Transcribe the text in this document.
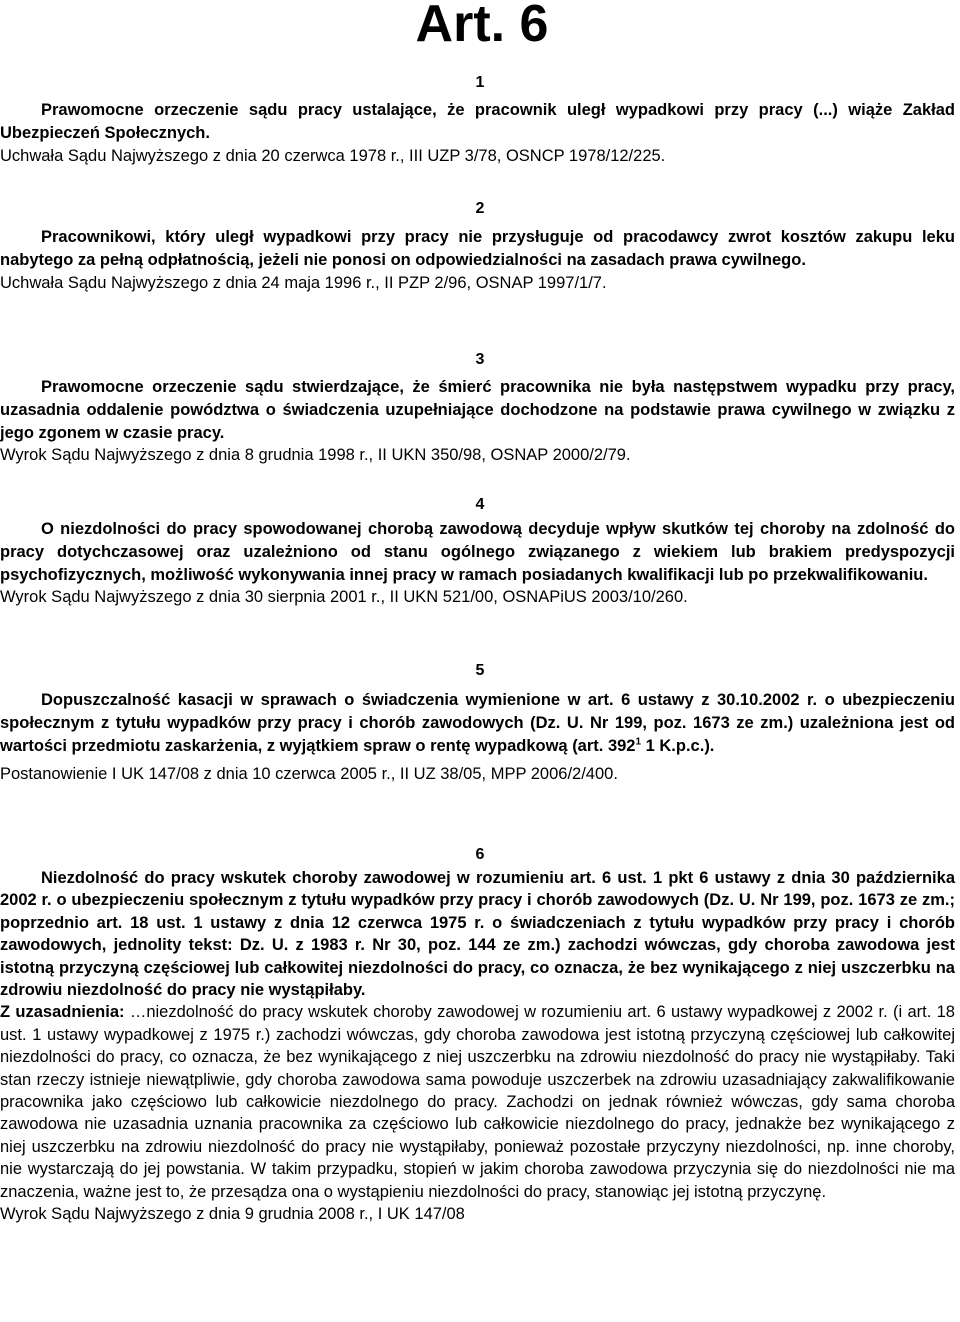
Art. 6
1

Prawomocne orzeczenie sądu pracy ustalające, że pracownik uległ wypadkowi przy pracy (...) wiąże Zakład Ubezpieczeń Społecznych.

Uchwała Sądu Najwyższego z dnia 20 czerwca 1978 r., III UZP 3/78, OSNCP 1978/12/225.

2

Pracownikowi, który uległ wypadkowi przy pracy nie przysługuje od pracodawcy zwrot kosztów zakupu leku nabytego za pełną odpłatnością, jeżeli nie ponosi on odpowiedzialności na zasadach prawa cywilnego.

Uchwała Sądu Najwyższego z dnia 24 maja 1996 r., II PZP 2/96, OSNAP 1997/1/7.

3

Prawomocne orzeczenie sądu stwierdzające, że śmierć pracownika nie była następstwem wypadku przy pracy, uzasadnia oddalenie powództwa o świadczenia uzupełniające dochodzone na podstawie prawa cywilnego w związku z jego zgonem w czasie pracy.

Wyrok Sądu Najwyższego z dnia 8 grudnia 1998 r., II UKN 350/98, OSNAP 2000/2/79.

4

O niezdolności do pracy spowodowanej chorobą zawodową decyduje wpływ skutków tej choroby na zdolność do pracy dotychczasowej oraz uzależniono od stanu ogólnego związanego z wiekiem lub brakiem predyspozycji psychofizycznych, możliwość wykonywania innej pracy w ramach posiadanych kwalifikacji lub po przekwalifikowaniu.

Wyrok Sądu Najwyższego z dnia 30 sierpnia 2001 r., II UKN 521/00, OSNAPiUS 2003/10/260.

5

Dopuszczalność kasacji w sprawach o świadczenia wymienione w art. 6 ustawy z 30.10.2002 r. o ubezpieczeniu społecznym z tytułu wypadków przy pracy i chorób zawodowych (Dz. U. Nr 199, poz. 1673 ze zm.) uzależniona jest od wartości przedmiotu zaskarżenia, z wyjątkiem spraw o rentę wypadkową (art. $392^1$ 1 K.p.c.).

Postanowienie I UK 147/08 z dnia 10 czerwca 2005 r., II UZ 38/05, MPP 2006/2/400.

6

Niezdolność do pracy wskutek choroby zawodowej w rozumieniu art. 6 ust. 1 pkt 6 ustawy z dnia 30 października 2002 r. o ubezpieczeniu społecznym z tytułu wypadków przy pracy i chorób zawodowych (Dz. U. Nr 199, poz. 1673 ze zm.; poprzednio art. 18 ust. 1 ustawy z dnia 12 czerwca 1975 r. o świadczeniach z tytułu wypadków przy pracy i chorób zawodowych, jednolity tekst: Dz. U. z 1983 r. Nr 30, poz. 144 ze zm.) zachodzi wówczas, gdy choroba zawodowa jest istotną przyczyną częściowej lub całkowitej niezdolności do pracy, co oznacza, że bez wynikającego z niej uszczerbku na zdrowiu niezdolność do pracy nie wystąpiłaby.

Z uzasadnienia: …niezdolność do pracy wskutek choroby zawodowej w rozumieniu art. 6 ustawy wypadkowej z 2002 r. (i art. 18 ust. 1 ustawy wypadkowej z 1975 r.) zachodzi wówczas, gdy choroba zawodowa jest istotną przyczyną częściowej lub całkowitej niezdolności do pracy, co oznacza, że bez wynikającego z niej uszczerbku na zdrowiu niezdolność do pracy nie wystąpiłaby. Taki stan rzeczy istnieje niewątpliwie, gdy choroba zawodowa sama powoduje uszczerbek na zdrowiu uzasadniający zakwalifikowanie pracownika jako częściowo lub całkowicie niezdolnego do pracy. Zachodzi on jednak również wówczas, gdy sama choroba zawodowa nie uzasadnia uznania pracownika za częściowo lub całkowicie niezdolnego do pracy, jednakże bez wynikającego z niej uszczerbku na zdrowiu niezdolność do pracy nie wystąpiłaby, ponieważ pozostałe przyczyny niezdolności, np. inne choroby, nie wystarczają do jej powstania. W takim przypadku, stopień w jakim choroba zawodowa przyczynia się do niezdolności nie ma znaczenia, ważne jest to, że przesądza ona o wystąpieniu niezdolności do pracy, stanowiąc jej istotną przyczynę.

Wyrok Sądu Najwyższego z dnia 9 grudnia 2008 r., I UK 147/08
